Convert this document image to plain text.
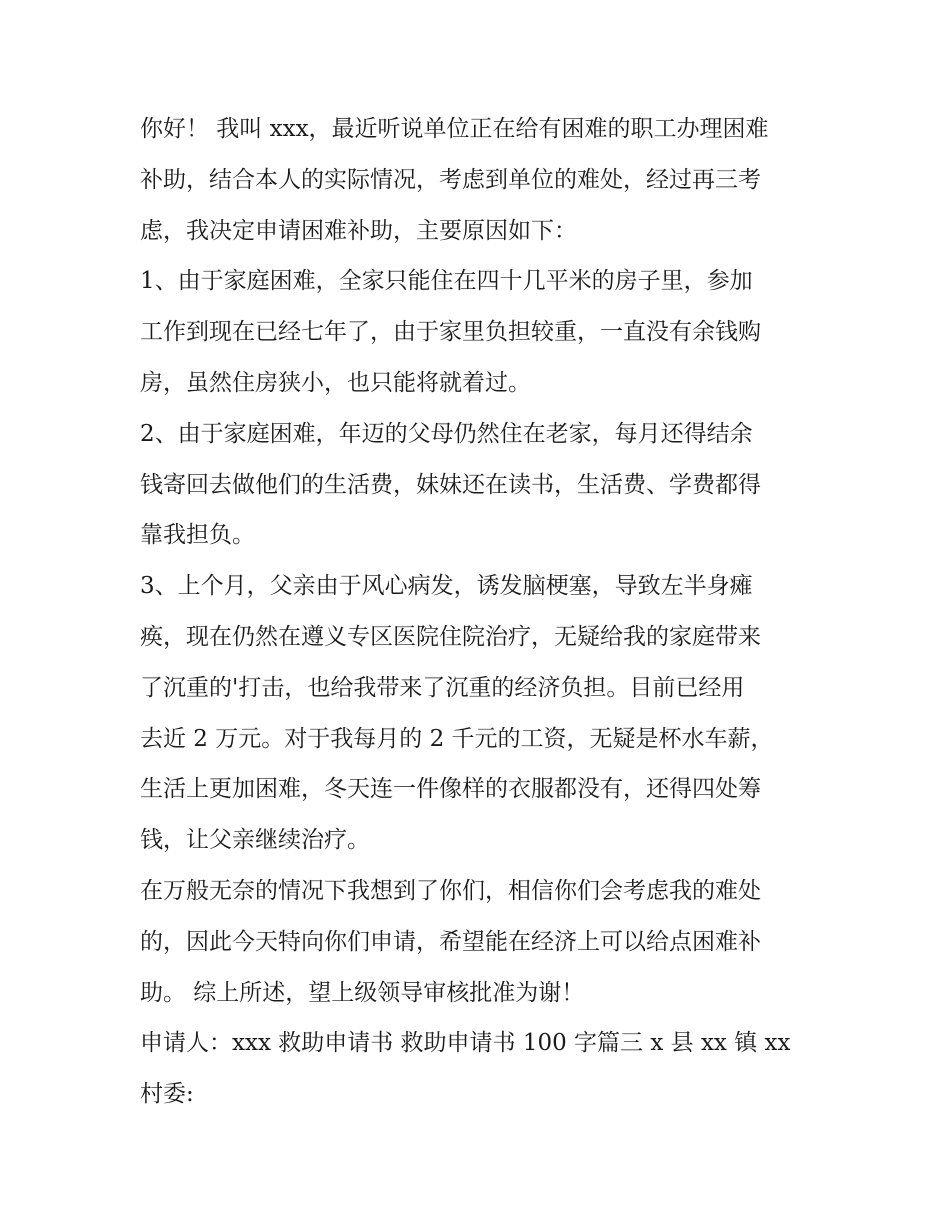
你好！ 我叫 xxx，最近听说单位正在给有困难的职工办理困难
补助，结合本人的实际情况，考虑到单位的难处，经过再三考
虑，我决定申请困难补助，主要原因如下：

1、由于家庭困难，全家只能住在四十几平米的房子里，参加
工作到现在已经七年了，由于家里负担较重，一直没有余钱购
房，虽然住房狭小，也只能将就着过。

2、由于家庭困难，年迈的父母仍然住在老家，每月还得结余
钱寄回去做他们的生活费，妹妹还在读书，生活费、学费都得
靠我担负。

3、上个月，父亲由于风心病发，诱发脑梗塞，导致左半身瘫
痪，现在仍然在遵义专区医院住院治疗，无疑给我的家庭带来
了沉重的'打击，也给我带来了沉重的经济负担。目前已经用
去近 2 万元。对于我每月的 2 千元的工资，无疑是杯水车薪，
生活上更加困难，冬天连一件像样的衣服都没有，还得四处筹
钱，让父亲继续治疗。

在万般无奈的情况下我想到了你们，相信你们会考虑我的难处
的，因此今天特向你们申请，希望能在经济上可以给点困难补
助。 综上所述，望上级领导审核批准为谢！

申请人：xxx 救助申请书 救助申请书 100 字篇三 x 县 xx 镇 xx
村委:
